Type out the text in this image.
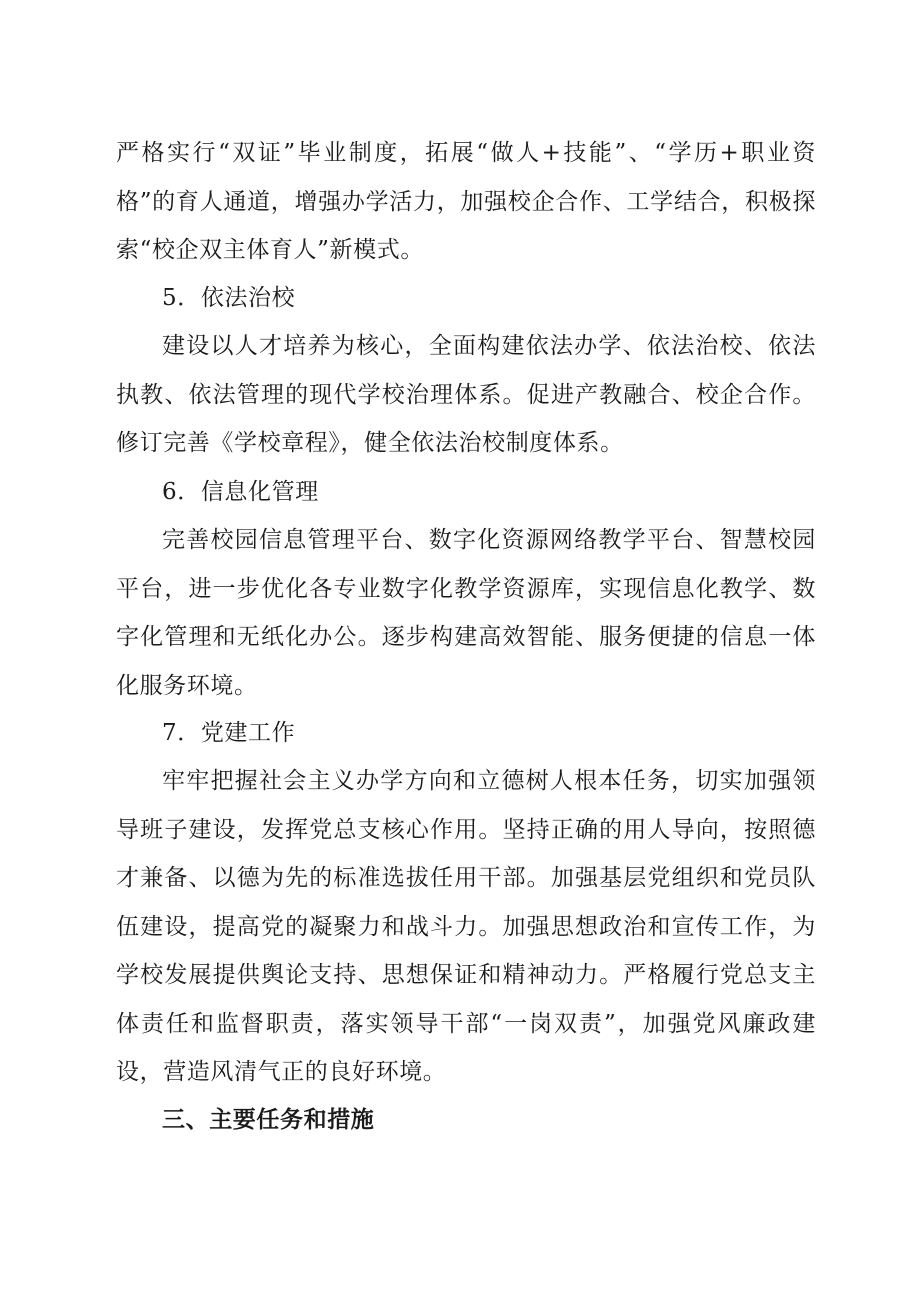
严格实行“双证”毕业制度，拓展“做人+技能”、“学历+职业资格”的育人通道，增强办学活力，加强校企合作、工学结合，积极探索“校企双主体育人”新模式。
5．依法治校
建设以人才培养为核心，全面构建依法办学、依法治校、依法执教、依法管理的现代学校治理体系。促进产教融合、校企合作。修订完善《学校章程》，健全依法治校制度体系。
6．信息化管理
完善校园信息管理平台、数字化资源网络教学平台、智慧校园平台，进一步优化各专业数字化教学资源库，实现信息化教学、数字化管理和无纸化办公。逐步构建高效智能、服务便捷的信息一体化服务环境。
7．党建工作
牢牢把握社会主义办学方向和立德树人根本任务，切实加强领导班子建设，发挥党总支核心作用。坚持正确的用人导向，按照德才兼备、以德为先的标准选拔任用干部。加强基层党组织和党员队伍建设，提高党的凝聚力和战斗力。加强思想政治和宣传工作，为学校发展提供舆论支持、思想保证和精神动力。严格履行党总支主体责任和监督职责，落实领导干部“一岗双责”，加强党风廉政建设，营造风清气正的良好环境。
三、主要任务和措施
